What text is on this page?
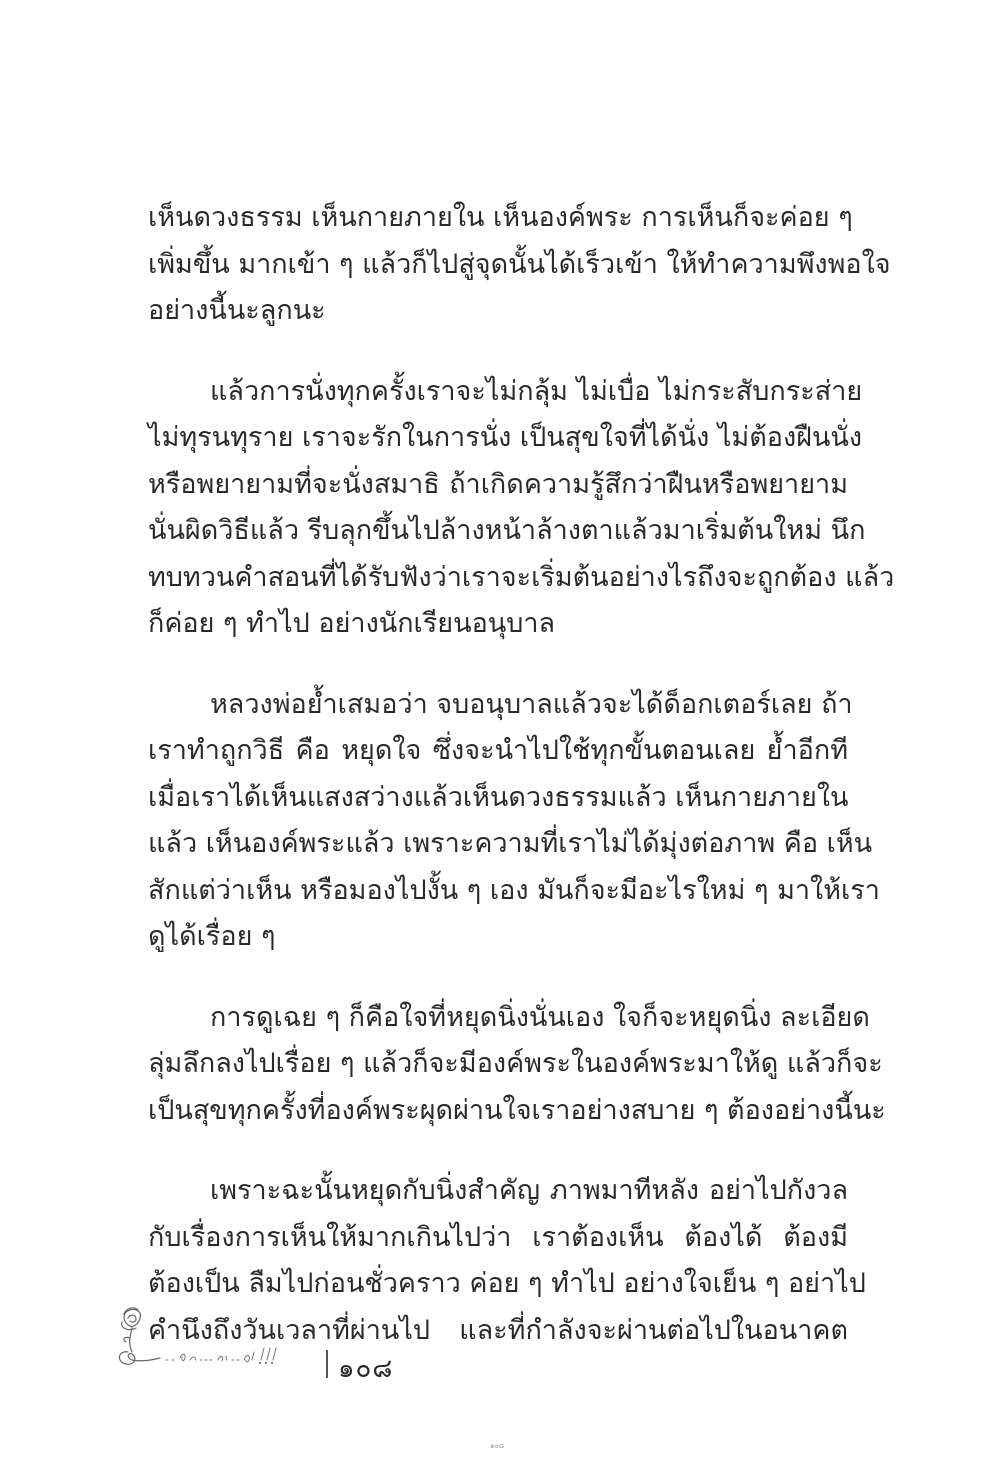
เห็นดวงธรรม เห็นกายภายใน เห็นองค์พระ การเห็นก็จะค่อย ๆ
เพิ่มขึ้น มากเข้า ๆ แล้วก็ไปสู่จุดนั้นได้เร็วเข้า ให้ทำความพึงพอใจ
อย่างนี้นะลูกนะ

แล้วการนั่งทุกครั้งเราจะไม่กลุ้ม ไม่เบื่อ ไม่กระสับกระส่าย
ไม่ทุรนทุราย เราจะรักในการนั่ง เป็นสุขใจที่ได้นั่ง ไม่ต้องฝืนนั่ง
หรือพยายามที่จะนั่งสมาธิ ถ้าเกิดความรู้สึกว่าฝืนหรือพยายาม
นั่นผิดวิธีแล้ว รีบลุกขึ้นไปล้างหน้าล้างตาแล้วมาเริ่มต้นใหม่ นึก
ทบทวนคำสอนที่ได้รับฟังว่าเราจะเริ่มต้นอย่างไรถึงจะถูกต้อง แล้ว
ก็ค่อย ๆ ทำไป อย่างนักเรียนอนุบาล

หลวงพ่อย้ำเสมอว่า จบอนุบาลแล้วจะได้ด็อกเตอร์เลย ถ้า
เราทำถูกวิธี คือ หยุดใจ ซึ่งจะนำไปใช้ทุกขั้นตอนเลย ย้ำอีกที
เมื่อเราได้เห็นแสงสว่างแล้วเห็นดวงธรรมแล้ว เห็นกายภายใน
แล้ว เห็นองค์พระแล้ว เพราะความที่เราไม่ได้มุ่งต่อภาพ คือ เห็น
สักแต่ว่าเห็น หรือมองไปงั้น ๆ เอง มันก็จะมีอะไรใหม่ ๆ มาให้เรา
ดูได้เรื่อย ๆ

การดูเฉย ๆ ก็คือใจที่หยุดนิ่งนั่นเอง ใจก็จะหยุดนิ่ง ละเอียด
ลุ่มลึกลงไปเรื่อย ๆ แล้วก็จะมีองค์พระในองค์พระมาให้ดู แล้วก็จะ
เป็นสุขทุกครั้งที่องค์พระผุดผ่านใจเราอย่างสบาย ๆ ต้องอย่างนี้นะ

เพราะฉะนั้นหยุดกับนิ่งสำคัญ ภาพมาทีหลัง อย่าไปกังวล
กับเรื่องการเห็นให้มากเกินไปว่า เราต้องเห็น ต้องได้ ต้องมี
ต้องเป็น ลืมไปก่อนชั่วคราว ค่อย ๆ ทำไป อย่างใจเย็น ๆ อย่าไป
คำนึงถึงวันเวลาที่ผ่านไป และที่กำลังจะผ่านต่อไปในอนาคต

๑๐๘
๑๐๘
